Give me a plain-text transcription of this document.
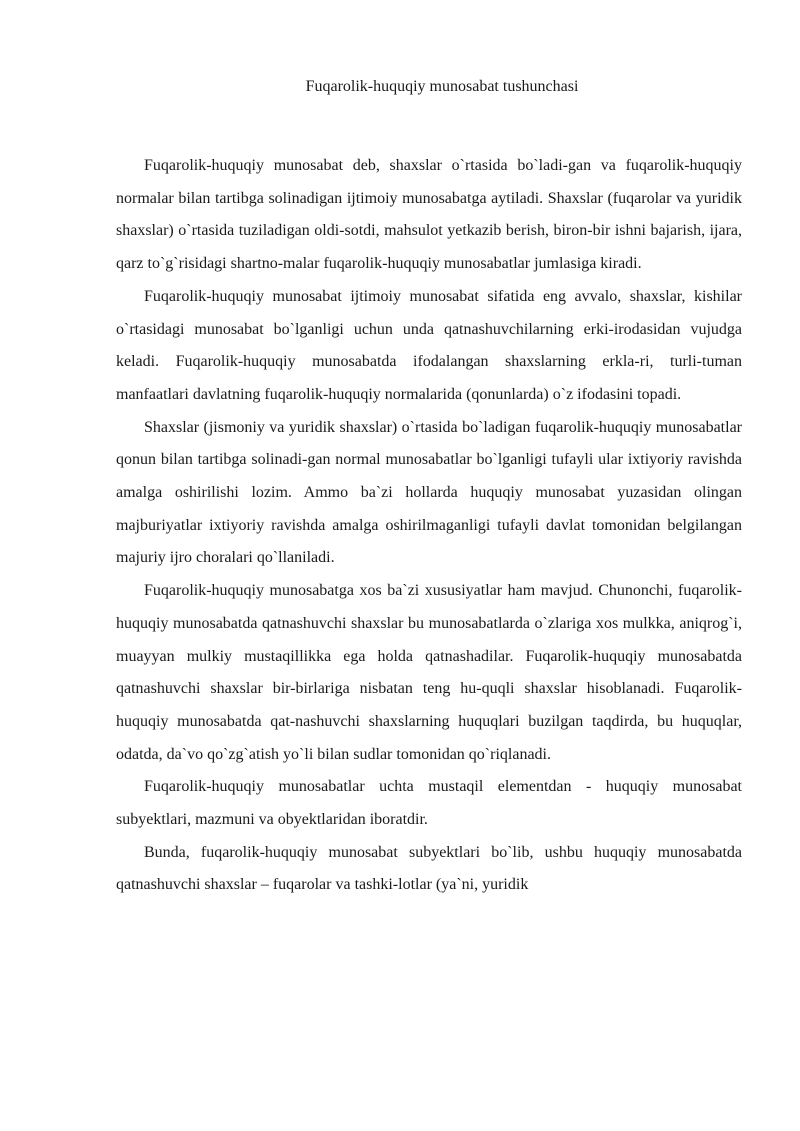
Fuqarolik-huquqiy munosabat tushunchasi

Fuqarolik-huquqiy munosabat deb, shaxslar o`rtasida bo`ladi-gan va fuqarolik-huquqiy normalar bilan tartibga solinadigan ijtimoiy munosabatga aytiladi. Shaxslar (fuqarolar va yuridik shaxslar) o`rtasida tuziladigan oldi-sotdi, mahsulot yetkazib berish, biron-bir ishni bajarish, ijara, qarz to`g`risidagi shartno-malar fuqarolik-huquqiy munosabatlar jumlasiga kiradi.

Fuqarolik-huquqiy munosabat ijtimoiy munosabat sifatida eng avvalo, shaxslar, kishilar o`rtasidagi munosabat bo`lganligi uchun unda qatnashuvchilarning erki-irodasidan vujudga keladi. Fuqarolik-huquqiy munosabatda ifodalangan shaxslarning erkla-ri, turli-tuman manfaatlari davlatning fuqarolik-huquqiy normalarida (qonunlarda) o`z ifodasini topadi.

Shaxslar (jismoniy va yuridik shaxslar) o`rtasida bo`ladigan fuqarolik-huquqiy munosabatlar qonun bilan tartibga solinadi-gan normal munosabatlar bo`lganligi tufayli ular ixtiyoriy ravishda amalga oshirilishi lozim. Ammo ba`zi hollarda huquqiy munosabat yuzasidan olingan majburiyatlar ixtiyoriy ravishda amalga oshirilmaganligi tufayli davlat tomonidan belgilangan majuriy ijro choralari qo`llaniladi.

Fuqarolik-huquqiy munosabatga xos ba`zi xususiyatlar ham mavjud. Chunonchi, fuqarolik-huquqiy munosabatda qatnashuvchi shaxslar bu munosabatlarda o`zlariga xos mulkka, aniqrog`i, muayyan mulkiy mustaqillikka ega holda qatnashadilar. Fuqarolik-huquqiy munosabatda qatnashuvchi shaxslar bir-birlariga nisbatan teng hu-quqli shaxslar hisoblanadi. Fuqarolik-huquqiy munosabatda qat-nashuvchi shaxslarning huquqlari buzilgan taqdirda, bu huquqlar, odatda, da`vo qo`zg`atish yo`li bilan sudlar tomonidan qo`riqlanadi.

Fuqarolik-huquqiy munosabatlar uchta mustaqil elementdan - huquqiy munosabat subyektlari, mazmuni va obyektlaridan iboratdir.

Bunda, fuqarolik-huquqiy munosabat subyektlari bo`lib, ushbu huquqiy munosabatda qatnashuvchi shaxslar – fuqarolar va tashki-lotlar (ya`ni, yuridik
